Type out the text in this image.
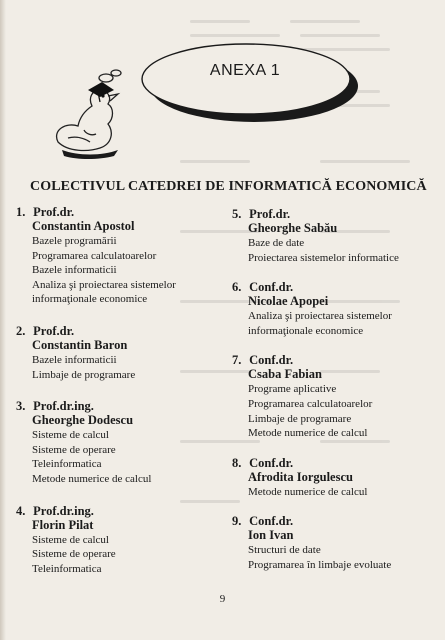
ANEXA 1
COLECTIVUL CATEDREI DE INFORMATICĂ ECONOMICĂ
1. Prof.dr.
Constantin Apostol
Bazele programării
Programarea calculatoarelor
Bazele informaticii
Analiza şi proiectarea sistemelor
informaţionale economice
2. Prof.dr.
Constantin Baron
Bazele informaticii
Limbaje de programare
3. Prof.dr.ing.
Gheorghe Dodescu
Sisteme de calcul
Sisteme de operare
Teleinformatica
Metode numerice de calcul
4. Prof.dr.ing.
Florin Pilat
Sisteme de calcul
Sisteme de operare
Teleinformatica
5. Prof.dr.
Gheorghe Sabău
Baze de date
Proiectarea sistemelor informatice
6. Conf.dr.
Nicolae Apopei
Analiza şi proiectarea sistemelor
informaţionale economice
7. Conf.dr.
Csaba Fabian
Programe aplicative
Programarea calculatoarelor
Limbaje de programare
Metode numerice de calcul
8. Conf.dr.
Afrodita Iorgulescu
Metode numerice de calcul
9. Conf.dr.
Ion Ivan
Structuri de date
Programarea în limbaje evoluate
9
